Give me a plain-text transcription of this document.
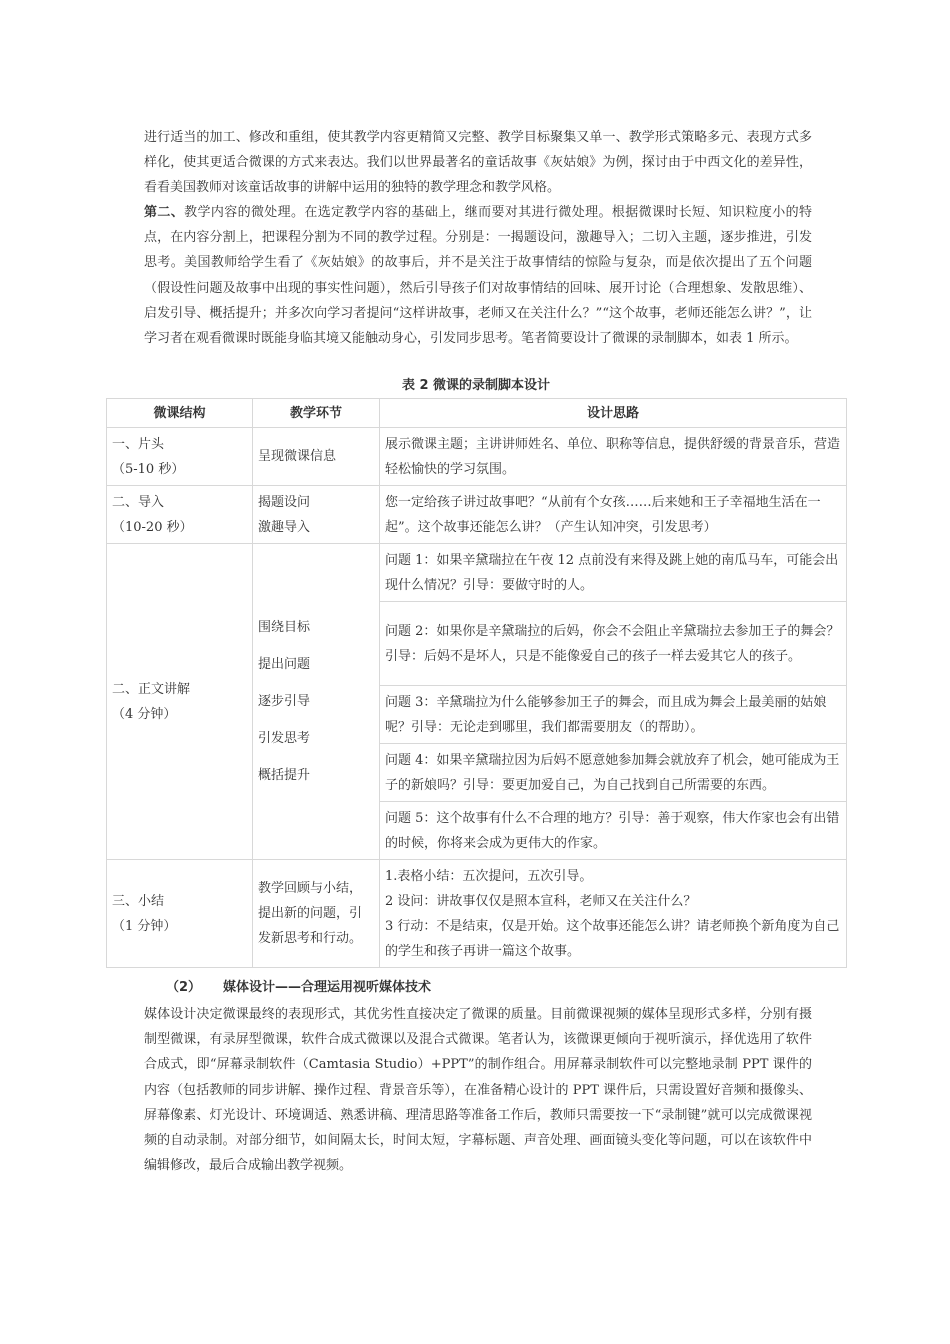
进行适当的加工、修改和重组，使其教学内容更精简又完整、教学目标聚集又单一、教学形式策略多元、表现方式多样化，使其更适合微课的方式来表达。我们以世界最著名的童话故事《灰姑娘》为例，探讨由于中西文化的差异性，看看美国教师对该童话故事的讲解中运用的独特的教学理念和教学风格。

第二、教学内容的微处理。在选定教学内容的基础上，继而要对其进行微处理。根据微课时长短、知识粒度小的特点，在内容分割上，把课程分割为不同的教学过程。分别是：一揭题设问，激趣导入；二切入主题，逐步推进，引发思考。美国教师给学生看了《灰姑娘》的故事后，并不是关注于故事情结的惊险与复杂，而是依次提出了五个问题（假设性问题及故事中出现的事实性问题），然后引导孩子们对故事情结的回味、展开讨论（合理想象、发散思维）、启发引导、概括提升；并多次向学习者提问“这样讲故事，老师又在关注什么？”“这个故事，老师还能怎么讲？”，让学习者在观看微课时既能身临其境又能触动身心，引发同步思考。笔者简要设计了微课的录制脚本，如表 1 所示。

表 2 微课的录制脚本设计

微课结构	教学环节	设计思路

一、片头
（5-10 秒）	呈现微课信息	展示微课主题；主讲讲师姓名、单位、职称等信息，提供舒缓的背景音乐，营造轻松愉快的学习氛围。

二、导入
（10-20 秒）	揭题设问
激趣导入	您一定给孩子讲过故事吧？“从前有个女孩……后来她和王子幸福地生活在一起”。这个故事还能怎么讲？（产生认知冲突，引发思考）

二、正文讲解
（4 分钟）	围绕目标
提出问题
逐步引导
引发思考
概括提升	问题 1：如果辛黛瑞拉在午夜 12 点前没有来得及跳上她的南瓜马车，可能会出现什么情况？引导：要做守时的人。
		问题 2：如果你是辛黛瑞拉的后妈，你会不会阻止辛黛瑞拉去参加王子的舞会？引导：后妈不是坏人，只是不能像爱自己的孩子一样去爱其它人的孩子。
		问题 3：辛黛瑞拉为什么能够参加王子的舞会，而且成为舞会上最美丽的姑娘呢？引导：无论走到哪里，我们都需要朋友（的帮助）。
		问题 4：如果辛黛瑞拉因为后妈不愿意她参加舞会就放弃了机会，她可能成为王子的新娘吗？引导：要更加爱自己，为自己找到自己所需要的东西。
		问题 5：这个故事有什么不合理的地方？引导：善于观察，伟大作家也会有出错的时候，你将来会成为更伟大的作家。

三、小结
（1 分钟）	教学回顾与小结，提出新的问题，引发新思考和行动。	1.表格小结：五次提问，五次引导。
2 设问：讲故事仅仅是照本宣科，老师又在关注什么？
3 行动：不是结束，仅是开始。这个故事还能怎么讲？请老师换个新角度为自己的学生和孩子再讲一篇这个故事。

（2） 媒体设计——合理运用视听媒体技术

媒体设计决定微课最终的表现形式，其优劣性直接决定了微课的质量。目前微课视频的媒体呈现形式多样，分别有摄制型微课，有录屏型微课，软件合成式微课以及混合式微课。笔者认为，该微课更倾向于视听演示，择优选用了软件合成式，即“屏幕录制软件（Camtasia Studio）+PPT”的制作组合。用屏幕录制软件可以完整地录制 PPT 课件的内容（包括教师的同步讲解、操作过程、背景音乐等），在准备精心设计的 PPT 课件后，只需设置好音频和摄像头、屏幕像素、灯光设计、环境调适、熟悉讲稿、理清思路等准备工作后，教师只需要按一下“录制键”就可以完成微课视频的自动录制。对部分细节，如间隔太长，时间太短，字幕标题、声音处理、画面镜头变化等问题，可以在该软件中编辑修改，最后合成输出教学视频。
